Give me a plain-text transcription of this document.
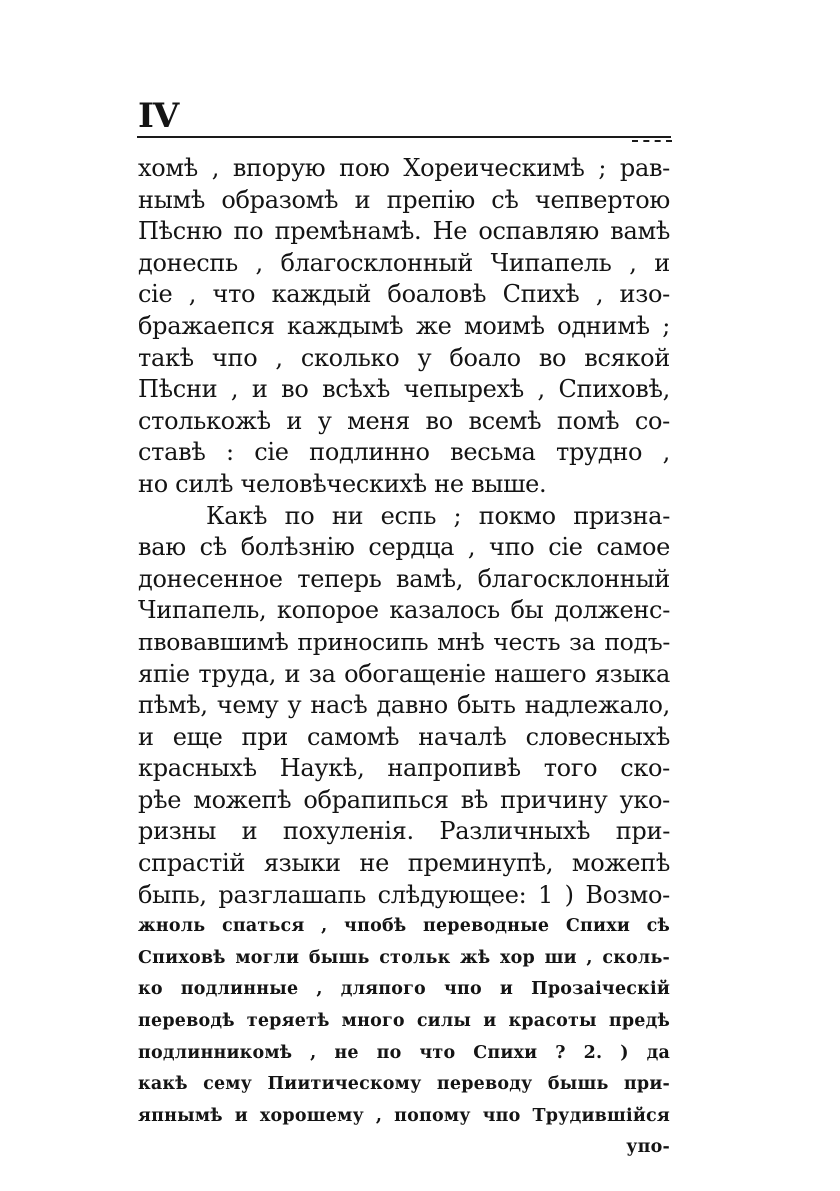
IV
хомѣ , впорую пою Хореическимѣ ; рав-
нымѣ образомѣ и препію сѣ чепвертою
Пѣсню по премѣнамѣ. Не оспавляю вамѣ
донеспь , благосклонный Чипапель , и
сіе , что каждый боаловѣ Спихѣ , изо-
бражаепся каждымѣ же моимѣ однимѣ ;
такѣ чпо , сколько у боало во всякой
Пѣсни , и во всѣхѣ чепырехѣ , Спиховѣ,
столькожѣ и у меня во всемѣ помѣ со-
ставѣ : сіе подлинно весьма трудно ,
но силѣ человѣческихѣ не выше.
Какѣ по ни еспь ; покмо призна-
ваю сѣ болѣзнію сердца , чпо сіе самое
донесенное теперь вамѣ, благосклонный
Чипапель, копорое казалось бы долженс-
пвовавшимѣ приносипь мнѣ честь за подъ-
япіе труда, и за обогащеніе нашего языка
пѣмѣ, чему у насѣ давно быть надлежало,
и еще при самомѣ началѣ словесныхѣ
красныхѣ Наукѣ, напропивѣ того ско-
рѣе можепѣ обрапипься вѣ причину уко-
ризны и похуленія. Различныхѣ при-
спрастій языки не преминупѣ, можепѣ
быпь, разглашапь слѣдующее: 1 ) Возмо-
жноль спаться , чпобѣ переводные Спихи сѣ
Спиховѣ могли бышь стольк жѣ хор ши , сколь-
ко подлинные , дляпого чпо и Прозаіческій
переводѣ теряетѣ много силы и красоты предѣ
подлинникомѣ , не по что Спихи ? 2. ) да
какѣ сему Пиитическому переводу бышь при-
япнымѣ и хорошему , попому чпо Трудившійся
упо-
